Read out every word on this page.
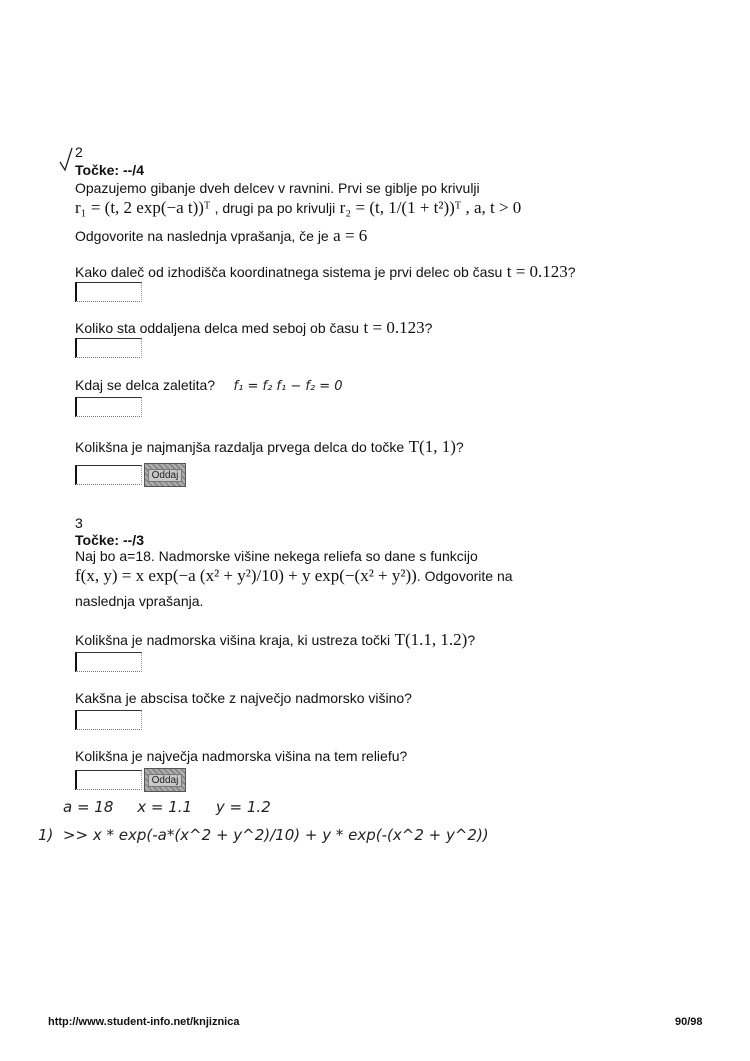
2
Točke: --/4
Opazujemo gibanje dveh delcev v ravnini. Prvi se giblje po krivulji
r₁ = (t, 2 exp(−a t))ᵀ , drugi pa po krivulji r₂ = (t, 1/(1 + t²))ᵀ , a, t > 0
Odgovorite na naslednja vprašanja, če je a = 6
Kako daleč od izhodišča koordinatnega sistema je prvi delec ob času t = 0.123?
Koliko sta oddaljena delca med seboj ob času t = 0.123?
Kdaj se delca zaletita? f₁ = f₂ f₁ − f₂ = 0
Kolikšna je najmanjša razdalja prvega delca do točke T(1, 1)?
Oddaj
3
Točke: --/3
Naj bo a=18. Nadmorske višine nekega reliefa so dane s funkcijo
f(x, y) = x exp(−a (x² + y²)/10) + y exp(−(x² + y²)). Odgovorite na
naslednja vprašanja.
Kolikšna je nadmorska višina kraja, ki ustreza točki T(1.1, 1.2)?
Kakšna je abscisa točke z največjo nadmorsko višino?
Kolikšna je največja nadmorska višina na tem reliefu?
Oddaj
a = 18     x = 1.1     y = 1.2
1)  >> x * exp(-a*(x^2 + y^2)/10) + y * exp(-(x^2 + y^2))
http://www.student-info.net/knjiznica	90/98
